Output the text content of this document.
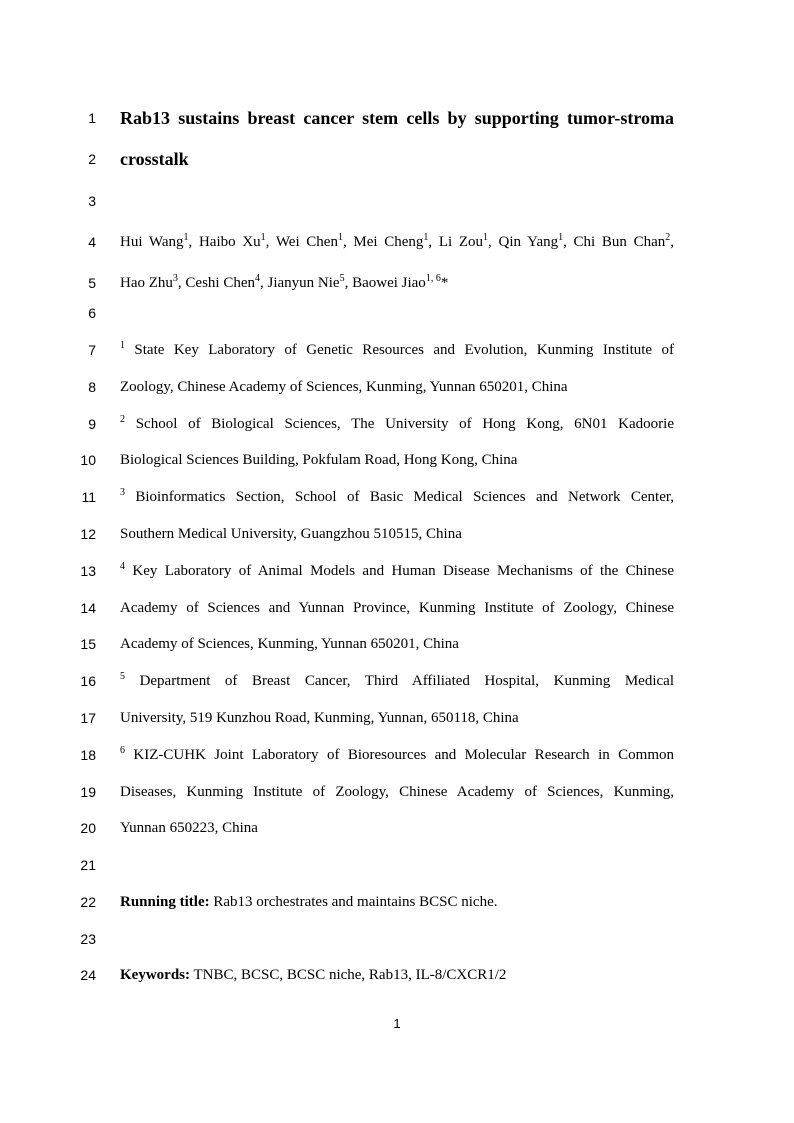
1 Rab13 sustains breast cancer stem cells by supporting tumor-stroma
2 crosstalk
3
4 Hui Wang$^1$, Haibo Xu$^1$, Wei Chen$^1$, Mei Cheng$^1$, Li Zou$^1$, Qin Yang$^1$, Chi Bun Chan$^2$,
5 Hao Zhu$^3$, Ceshi Chen$^4$, Jianyun Nie$^5$, Baowei Jiao$^{1, 6}$*
6
7 $^1$ State Key Laboratory of Genetic Resources and Evolution, Kunming Institute of
8 Zoology, Chinese Academy of Sciences, Kunming, Yunnan 650201, China
9 $^2$ School of Biological Sciences, The University of Hong Kong, 6N01 Kadoorie
10 Biological Sciences Building, Pokfulam Road, Hong Kong, China
11 $^3$ Bioinformatics Section, School of Basic Medical Sciences and Network Center,
12 Southern Medical University, Guangzhou 510515, China
13 $^4$ Key Laboratory of Animal Models and Human Disease Mechanisms of the Chinese
14 Academy of Sciences and Yunnan Province, Kunming Institute of Zoology, Chinese
15 Academy of Sciences, Kunming, Yunnan 650201, China
16 $^5$ Department of Breast Cancer, Third Affiliated Hospital, Kunming Medical
17 University, 519 Kunzhou Road, Kunming, Yunnan, 650118, China
18 $^6$ KIZ-CUHK Joint Laboratory of Bioresources and Molecular Research in Common
19 Diseases, Kunming Institute of Zoology, Chinese Academy of Sciences, Kunming,
20 Yunnan 650223, China
21
22 Running title: Rab13 orchestrates and maintains BCSC niche.
23
24 Keywords: TNBC, BCSC, BCSC niche, Rab13, IL-8/CXCR1/2
1
